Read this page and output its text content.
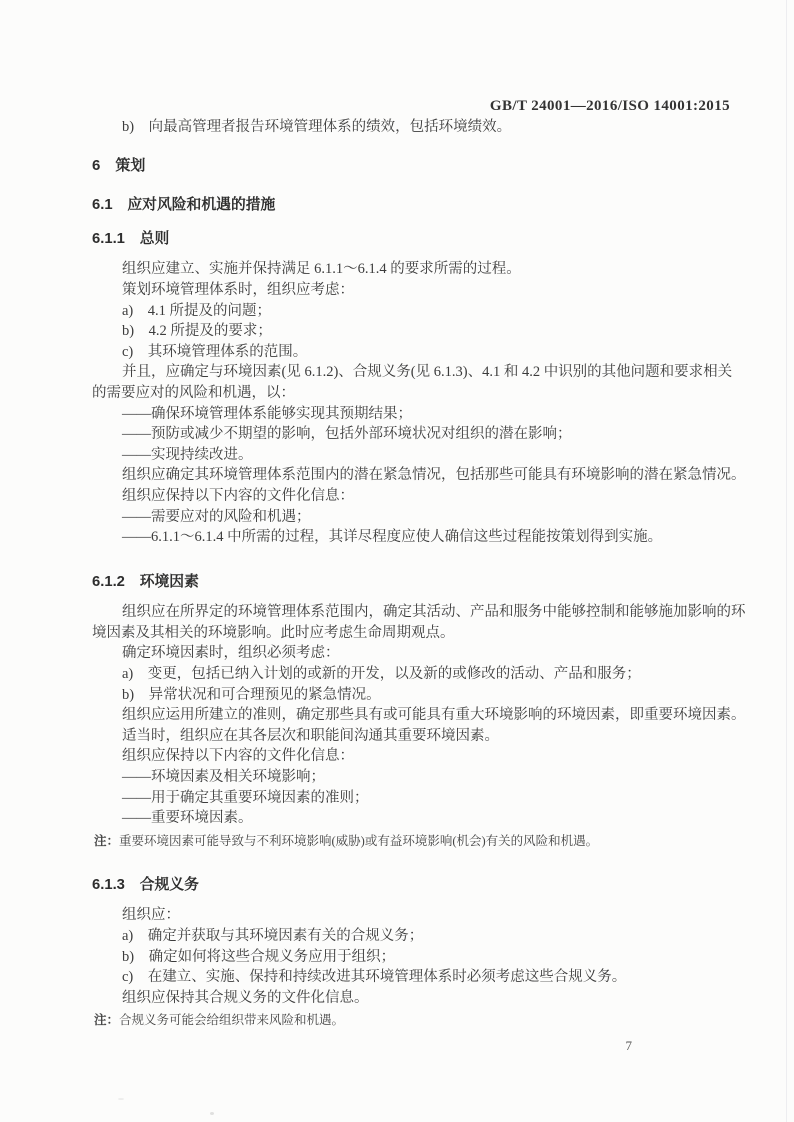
GB/T 24001—2016/ISO 14001:2015
b)　向最高管理者报告环境管理体系的绩效，包括环境绩效。
6　策划
6.1　应对风险和机遇的措施
6.1.1　总则
组织应建立、实施并保持满足 6.1.1～6.1.4 的要求所需的过程。
策划环境管理体系时，组织应考虑：
a)　4.1 所提及的问题；
b)　4.2 所提及的要求；
c)　其环境管理体系的范围。
并且，应确定与环境因素(见 6.1.2)、合规义务(见 6.1.3)、4.1 和 4.2 中识别的其他问题和要求相关
的需要应对的风险和机遇，以：
——确保环境管理体系能够实现其预期结果；
——预防或减少不期望的影响，包括外部环境状况对组织的潜在影响；
——实现持续改进。
组织应确定其环境管理体系范围内的潜在紧急情况，包括那些可能具有环境影响的潜在紧急情况。
组织应保持以下内容的文件化信息：
——需要应对的风险和机遇；
——6.1.1～6.1.4 中所需的过程，其详尽程度应使人确信这些过程能按策划得到实施。
6.1.2　环境因素
组织应在所界定的环境管理体系范围内，确定其活动、产品和服务中能够控制和能够施加影响的环
境因素及其相关的环境影响。此时应考虑生命周期观点。
确定环境因素时，组织必须考虑：
a)　变更，包括已纳入计划的或新的开发，以及新的或修改的活动、产品和服务；
b)　异常状况和可合理预见的紧急情况。
组织应运用所建立的准则，确定那些具有或可能具有重大环境影响的环境因素，即重要环境因素。
适当时，组织应在其各层次和职能间沟通其重要环境因素。
组织应保持以下内容的文件化信息：
——环境因素及相关环境影响；
——用于确定其重要环境因素的准则；
——重要环境因素。
注：重要环境因素可能导致与不利环境影响(威胁)或有益环境影响(机会)有关的风险和机遇。
6.1.3　合规义务
组织应：
a)　确定并获取与其环境因素有关的合规义务；
b)　确定如何将这些合规义务应用于组织；
c)　在建立、实施、保持和持续改进其环境管理体系时必须考虑这些合规义务。
组织应保持其合规义务的文件化信息。
注：合规义务可能会给组织带来风险和机遇。
7
